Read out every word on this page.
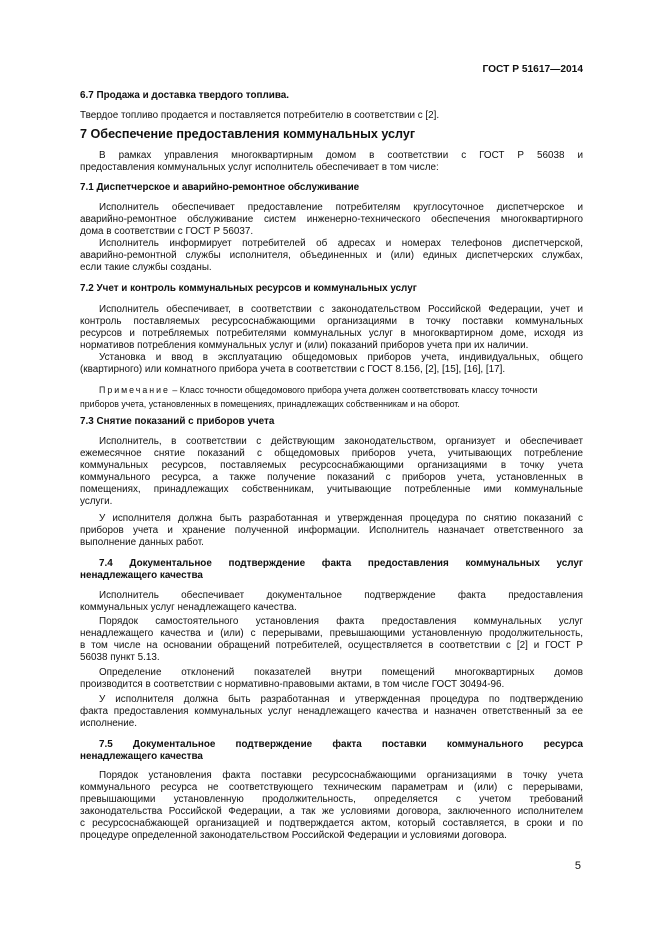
ГОСТ Р 51617—2014
6.7 Продажа и доставка твердого топлива.
Твердое топливо продается и поставляется потребителю в соответствии с [2].
7 Обеспечение предоставления коммунальных услуг
В рамках управления многоквартирным домом в соответствии с ГОСТ Р 56038 и
предоставления коммунальных услуг исполнитель обеспечивает в том числе:
7.1 Диспетчерское и аварийно-ремонтное обслуживание
Исполнитель обеспечивает предоставление потребителям круглосуточное диспетчерское и
аварийно-ремонтное обслуживание систем инженерно-технического обеспечения многоквартирного
дома в соответствии с ГОСТ Р 56037.
Исполнитель информирует потребителей об адресах и номерах телефонов диспетчерской,
аварийно-ремонтной службы исполнителя, объединенных и (или) единых диспетчерских службах,
если такие службы созданы.
7.2 Учет и контроль коммунальных ресурсов и коммунальных услуг
Исполнитель обеспечивает, в соответствии с законодательством Российской Федерации, учет и
контроль поставляемых ресурсоснабжающими организациями в точку поставки коммунальных
ресурсов и потребляемых потребителями коммунальных услуг в многоквартирном доме, исходя из
нормативов потребления коммунальных услуг и (или) показаний приборов учета при их наличии.
Установка и ввод в эксплуатацию общедомовых приборов учета, индивидуальных, общего
(квартирного) или комнатного прибора учета в соответствии с ГОСТ 8.156, [2], [15], [16], [17].
Примечание – Класс точности общедомового прибора учета должен соответствовать классу точности
приборов учета, установленных в помещениях, принадлежащих собственникам и на оборот.
7.3 Снятие показаний с приборов учета
Исполнитель, в соответствии с действующим законодательством, организует и обеспечивает
ежемесячное снятие показаний с общедомовых приборов учета, учитывающих потребление
коммунальных ресурсов, поставляемых ресурсоснабжающими организациями в точку учета
коммунального ресурса, а также получение показаний с приборов учета, установленных в
помещениях, принадлежащих собственникам, учитывающие потребленные ими коммунальные
услуги.
У исполнителя должна быть разработанная и утвержденная процедура по снятию показаний с
приборов учета и хранение полученной информации. Исполнитель назначает ответственного за
выполнение данных работ.
7.4 Документальное подтверждение факта предоставления коммунальных услуг
ненадлежащего качества
Исполнитель обеспечивает документальное подтверждение факта предоставления
коммунальных услуг ненадлежащего качества.
Порядок самостоятельного установления факта предоставления коммунальных услуг
ненадлежащего качества и (или) с перерывами, превышающими установленную продолжительность,
в том числе на основании обращений потребителей, осуществляется в соответствии с [2] и ГОСТ Р
56038 пункт 5.13.
Определение отклонений показателей внутри помещений многоквартирных домов
производится в соответствии с нормативно-правовыми актами, в том числе ГОСТ 30494-96.
У исполнителя должна быть разработанная и утвержденная процедура по подтверждению
факта предоставления коммунальных услуг ненадлежащего качества и назначен ответственный за ее
исполнение.
7.5 Документальное подтверждение факта поставки коммунального ресурса
ненадлежащего качества
Порядок установления факта поставки ресурсоснабжающими организациями в точку учета
коммунального ресурса не соответствующего техническим параметрам и (или) с перерывами,
превышающими установленную продолжительность, определяется с учетом требований
законодательства Российской Федерации, а так же условиями договора, заключенного исполнителем
с ресурсоснабжающей организацией и подтверждается актом, который составляется, в сроки и по
процедуре определенной законодательством Российской Федерации и условиями договора.
5
